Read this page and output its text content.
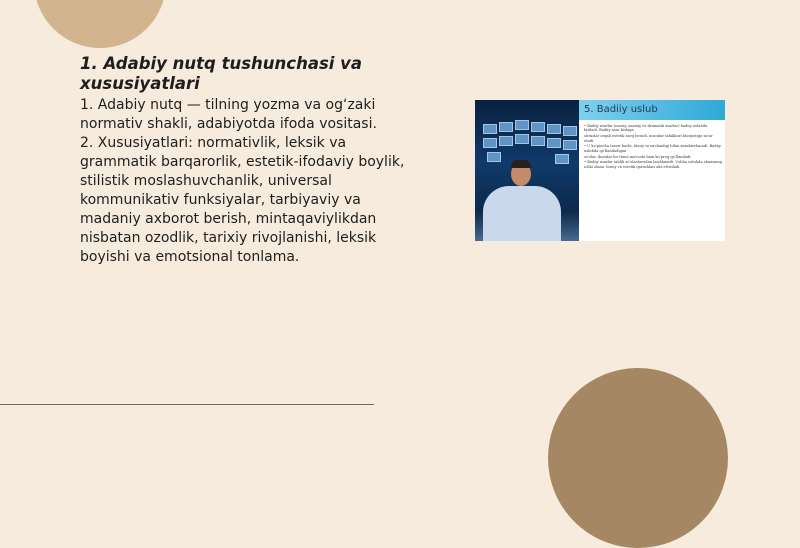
1. Adabiy nutq tushunchasi va xususiyatlari

1. Adabiy nutq — tilning yozma va og‘zaki normativ shakli, adabiyotda ifoda vositasi.

2. Xususiyatlari: normativlik, leksik va grammatik barqarorlik, estetik-ifodaviy boylik, stilistik moslashuvchanlik, universal kommunikativ funksiyalar, tarbiyaviy va madaniy axborot berish, mintaqaviylikdan nisbatan ozodlik, tarixiy rivojlanishi, leksik boyishi va emotsional tonlama.

5. Badiiy uslub

• Badiiy asarlar (nasriy, nazmiy va dramatik asarlar) badiiy uslubda bitiladi. Badiiy asar kishiga

obrazlar orqali estetik zavq beradi, insonlar tafakkuri hissiyotiga ta'sir etadi.

• U ko'pincha tasvir kuchi, hissiy ta'sirchanligi bilan xarakterlanadi. Badiiy uslubda qo'llaniladigan

so'zlar, iboralar ko'chma ma'noda ham ko'proq qo'llaniladi.

• Badiiy asarlar tahlili so'zlashuvidan boshlanadi. Ushbu uslubda shaxsning ichki olami, hissiy va estetik qarashlari aks ettiriladi.
